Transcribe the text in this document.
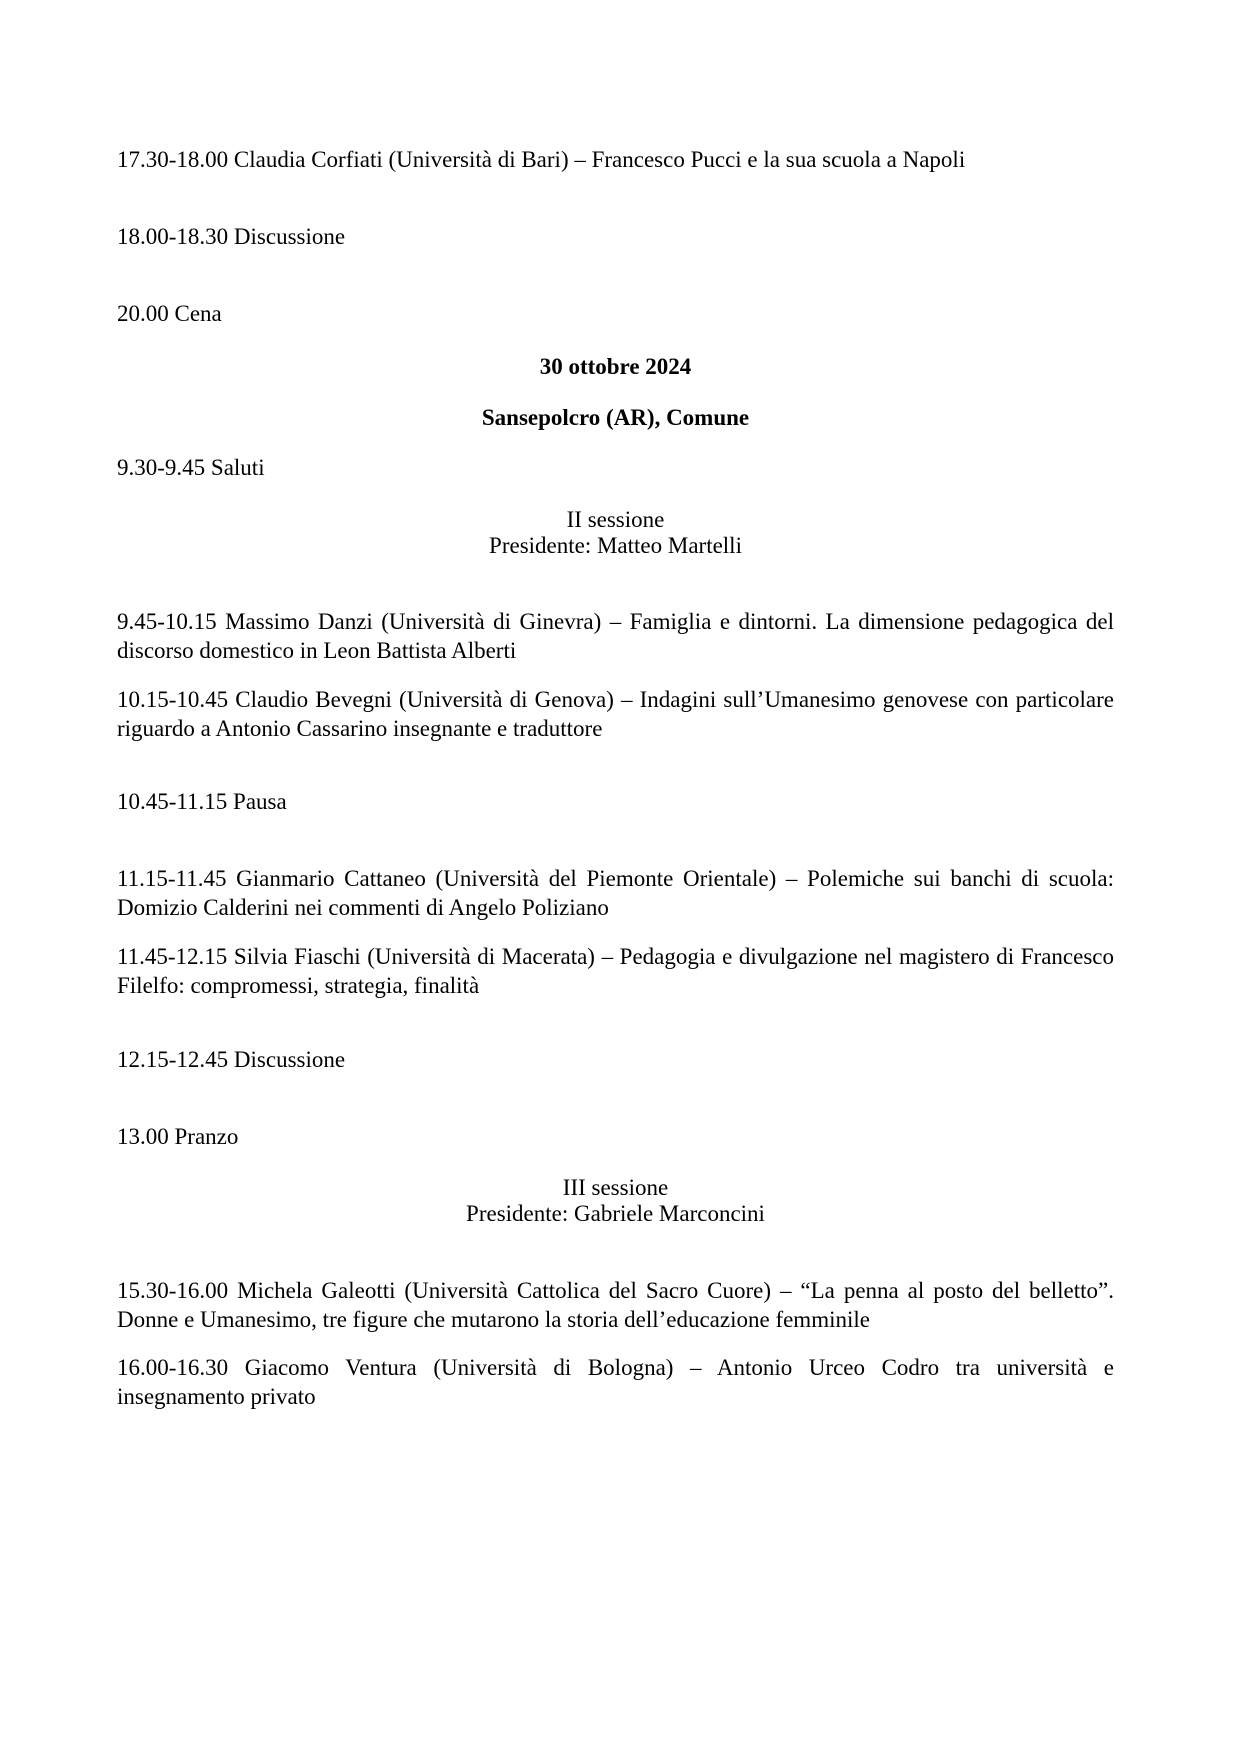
17.30-18.00 Claudia Corfiati (Università di Bari) – Francesco Pucci e la sua scuola a Napoli

18.00-18.30 Discussione

20.00 Cena

30 ottobre 2024

Sansepolcro (AR), Comune

9.30-9.45 Saluti

II sessione

Presidente: Matteo Martelli

9.45-10.15 Massimo Danzi (Università di Ginevra) – Famiglia e dintorni. La dimensione pedagogica del discorso domestico in Leon Battista Alberti

10.15-10.45 Claudio Bevegni (Università di Genova) – Indagini sull’Umanesimo genovese con particolare riguardo a Antonio Cassarino insegnante e traduttore

10.45-11.15 Pausa

11.15-11.45 Gianmario Cattaneo (Università del Piemonte Orientale) – Polemiche sui banchi di scuola: Domizio Calderini nei commenti di Angelo Poliziano

11.45-12.15 Silvia Fiaschi (Università di Macerata) – Pedagogia e divulgazione nel magistero di Francesco Filelfo: compromessi, strategia, finalità

12.15-12.45 Discussione

13.00 Pranzo

III sessione

Presidente: Gabriele Marconcini

15.30-16.00 Michela Galeotti (Università Cattolica del Sacro Cuore) – “La penna al posto del belletto”. Donne e Umanesimo, tre figure che mutarono la storia dell’educazione femminile

16.00-16.30 Giacomo Ventura (Università di Bologna) – Antonio Urceo Codro tra università e insegnamento privato
